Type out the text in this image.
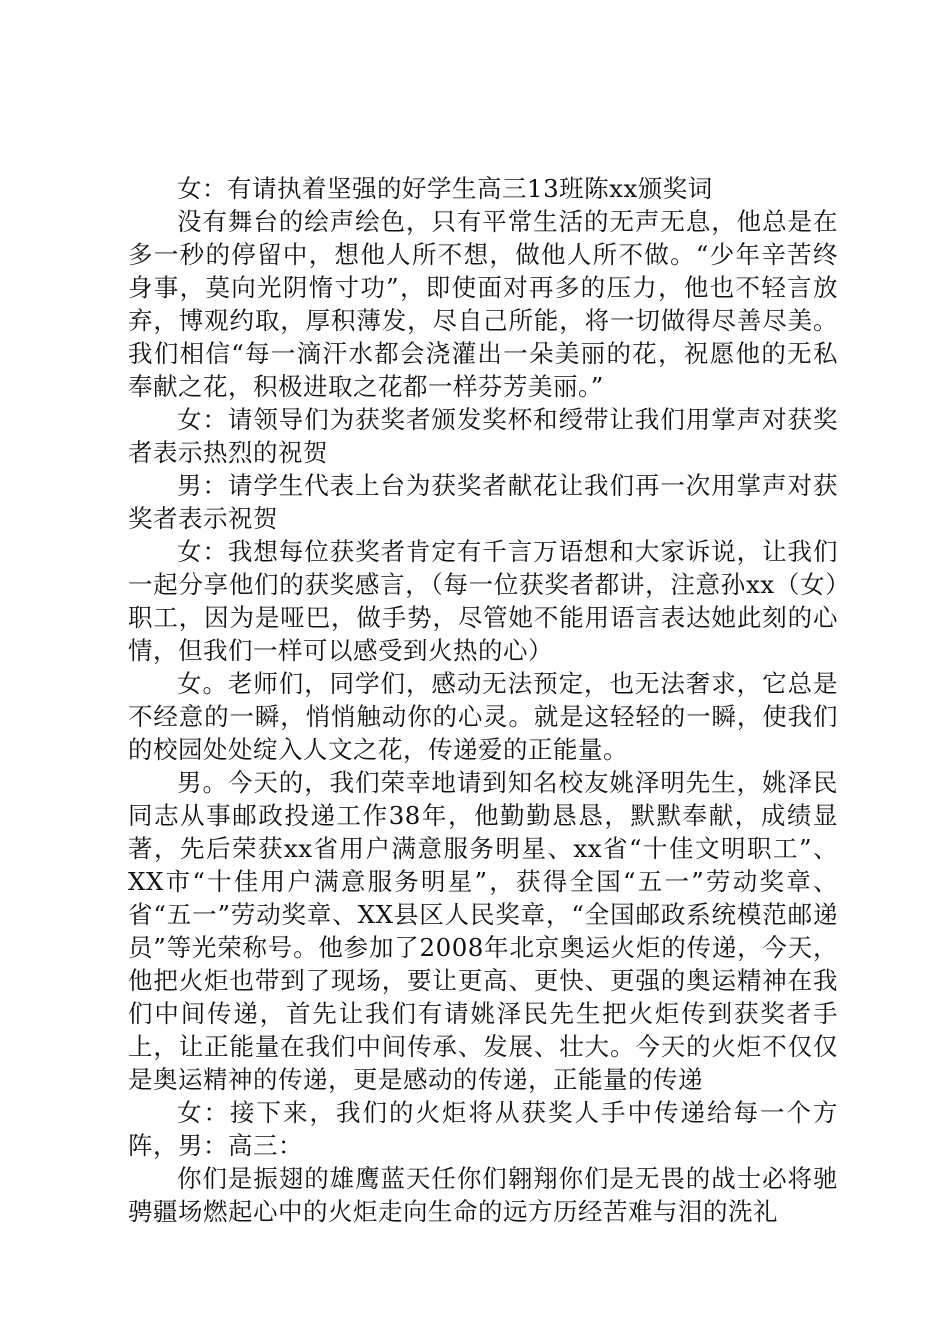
女：有请执着坚强的好学生高三13班陈xx颁奖词

没有舞台的绘声绘色，只有平常生活的无声无息，他总是在多一秒的停留中，想他人所不想，做他人所不做。“少年辛苦终身事，莫向光阴惰寸功”，即使面对再多的压力，他也不轻言放弃，博观约取，厚积薄发，尽自己所能，将一切做得尽善尽美。我们相信“每一滴汗水都会浇灌出一朵美丽的花，祝愿他的无私奉献之花，积极进取之花都一样芬芳美丽。”

女：请领导们为获奖者颁发奖杯和绶带让我们用掌声对获奖者表示热烈的祝贺

男：请学生代表上台为获奖者献花让我们再一次用掌声对获奖者表示祝贺

女：我想每位获奖者肯定有千言万语想和大家诉说，让我们一起分享他们的获奖感言，（每一位获奖者都讲，注意孙xx（女）职工，因为是哑巴，做手势，尽管她不能用语言表达她此刻的心情，但我们一样可以感受到火热的心）

女。老师们，同学们，感动无法预定，也无法奢求，它总是不经意的一瞬，悄悄触动你的心灵。就是这轻轻的一瞬，使我们的校园处处绽入人文之花，传递爱的正能量。

男。今天的，我们荣幸地请到知名校友姚泽明先生，姚泽民同志从事邮政投递工作38年，他勤勤恳恳，默默奉献，成绩显著，先后荣获xx省用户满意服务明星、xx省“十佳文明职工”、XX市“十佳用户满意服务明星”，获得全国“五一”劳动奖章、省“五一”劳动奖章、XX县区人民奖章，“全国邮政系统模范邮递员”等光荣称号。他参加了2008年北京奥运火炬的传递，今天，他把火炬也带到了现场，要让更高、更快、更强的奥运精神在我们中间传递，首先让我们有请姚泽民先生把火炬传到获奖者手上，让正能量在我们中间传承、发展、壮大。今天的火炬不仅仅是奥运精神的传递，更是感动的传递，正能量的传递

女：接下来，我们的火炬将从获奖人手中传递给每一个方阵，男：高三：

你们是振翅的雄鹰蓝天任你们翱翔你们是无畏的战士必将驰骋疆场燃起心中的火炬走向生命的远方历经苦难与泪的洗礼
